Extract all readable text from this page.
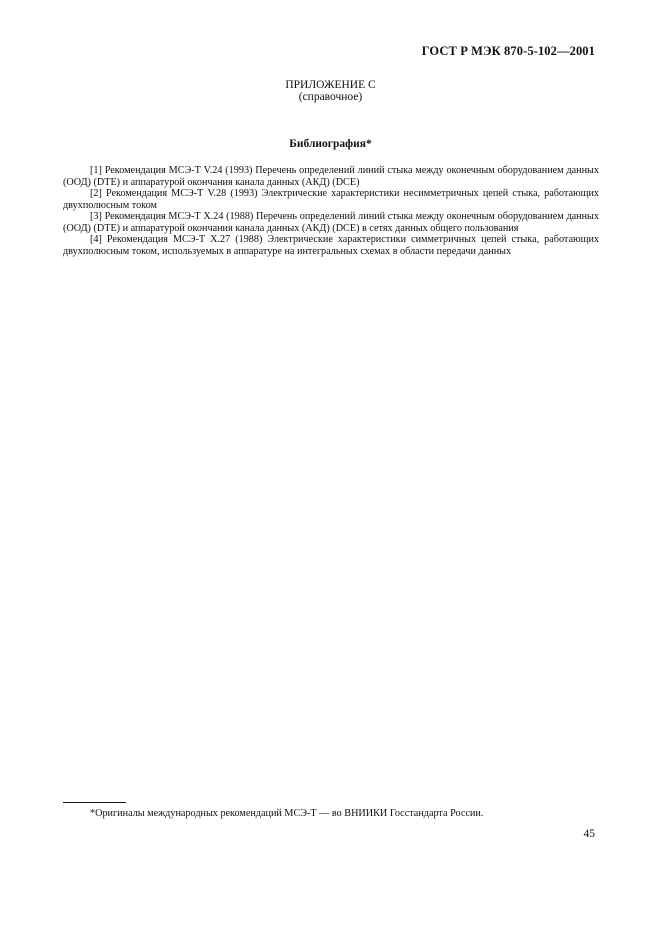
ГОСТ Р МЭК 870-5-102—2001
ПРИЛОЖЕНИЕ С
(справочное)
Библиография*

[1] Рекомендация МСЭ-Т V.24 (1993) Перечень определений линий стыка между оконечным оборудованием данных (ООД) (DTE) и аппаратурой окончания канала данных (АКД) (DCE)

[2] Рекомендация МСЭ-Т V.28 (1993) Электрические характеристики несимметричных цепей стыка, работающих двухполюсным током

[3] Рекомендация МСЭ-Т Х.24 (1988) Перечень определений линий стыка между оконечным оборудованием данных (ООД) (DTE) и аппаратурой окончания канала данных (АКД) (DCE) в сетях данных общего пользования

[4] Рекомендация МСЭ-Т Х.27 (1988) Электрические характеристики симметричных цепей стыка, работающих двухполюсным током, используемых в аппаратуре на интегральных схемах в области передачи данных

*Оригиналы международных рекомендаций МСЭ-Т — во ВНИИКИ Госстандарта России.
45
